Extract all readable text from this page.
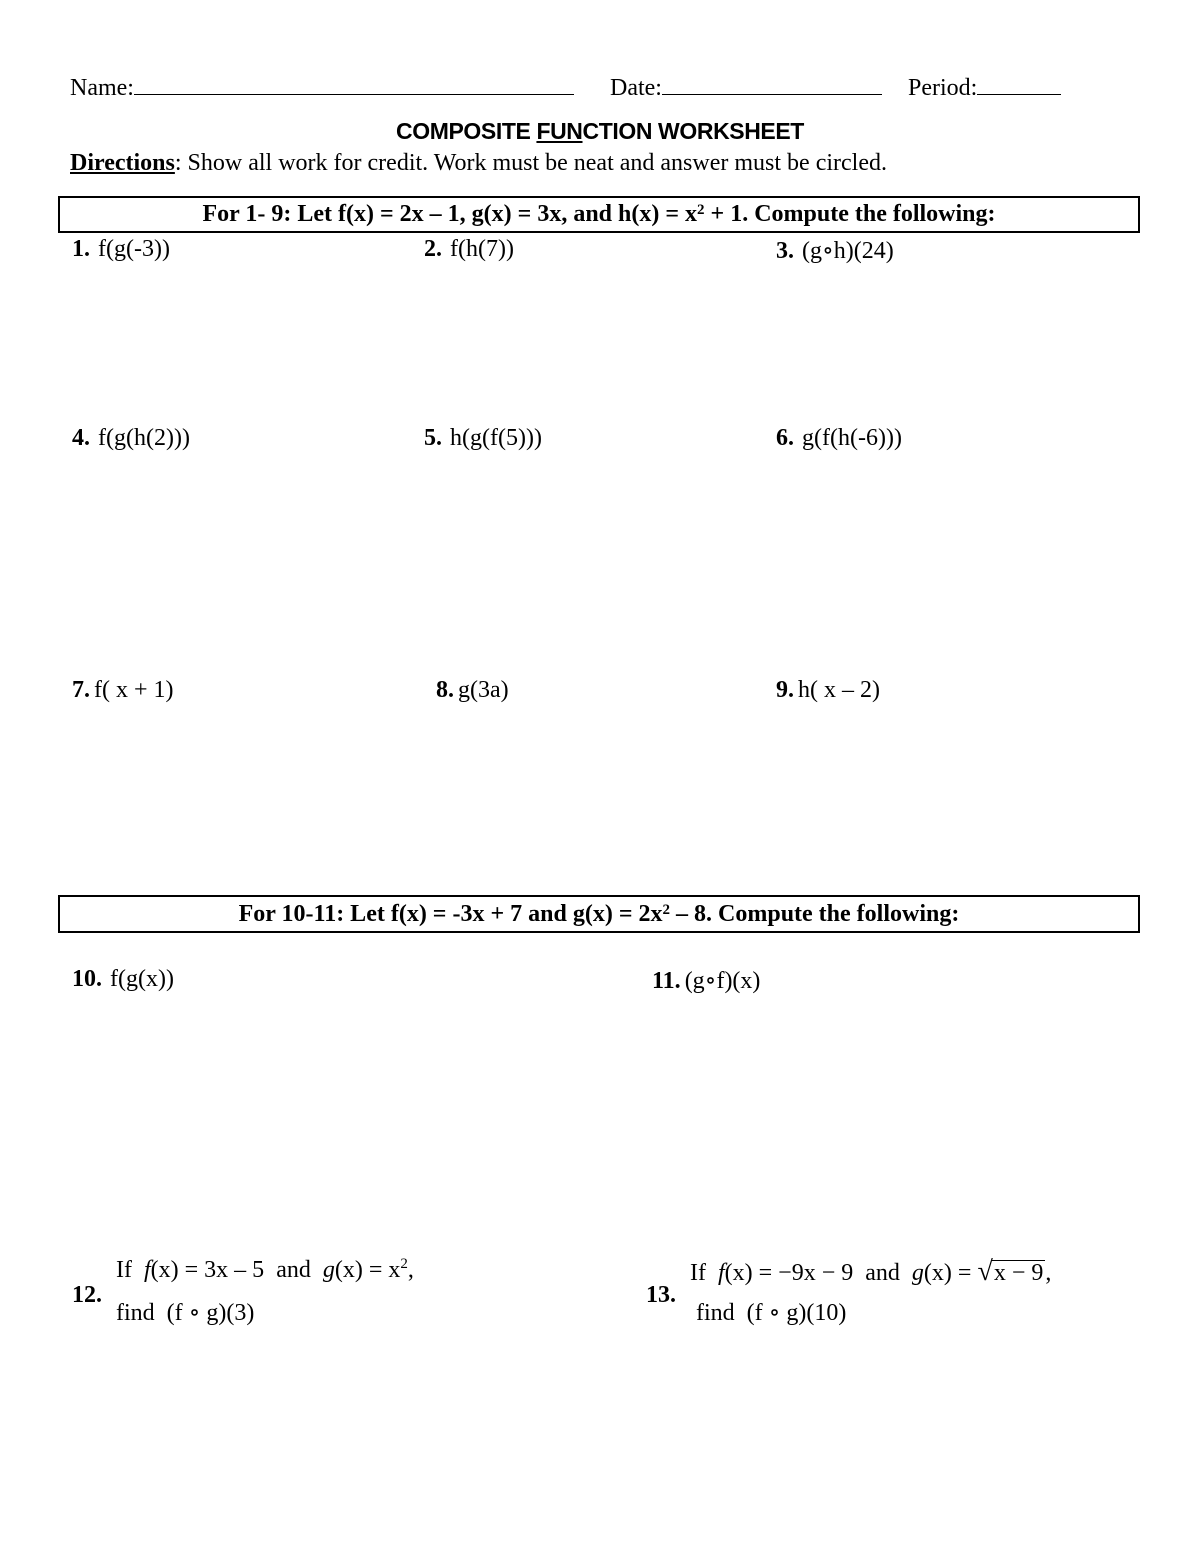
Name:	Date:	Period:
COMPOSITE FUNCTION WORKSHEET
Directions: Show all work for credit. Work must be neat and answer must be circled.
For 1- 9: Let f(x) = 2x – 1, g(x) = 3x, and $h(x) = x^2 + 1$. Compute the following:
1. f(g(-3))	2. f(h(7))	3. (g∘h)(24)
4. f(g(h(2)))	5. h(g(f(5)))	6. g(f(h(-6)))
7. f( x + 1)	8. g(3a)	9. h( x – 2)
For 10-11: Let f(x) = -3x + 7 and $g(x) = 2x^2 - 8$. Compute the following:
10. f(g(x))	11. (g∘f)(x)
12.
If f(x) = 3x – 5 and $g(x) = x^2$,
find (f ∘ g)(3)
13.
If f(x) = −9x − 9 and g(x) = √x − 9,
find (f ∘ g)(10)
